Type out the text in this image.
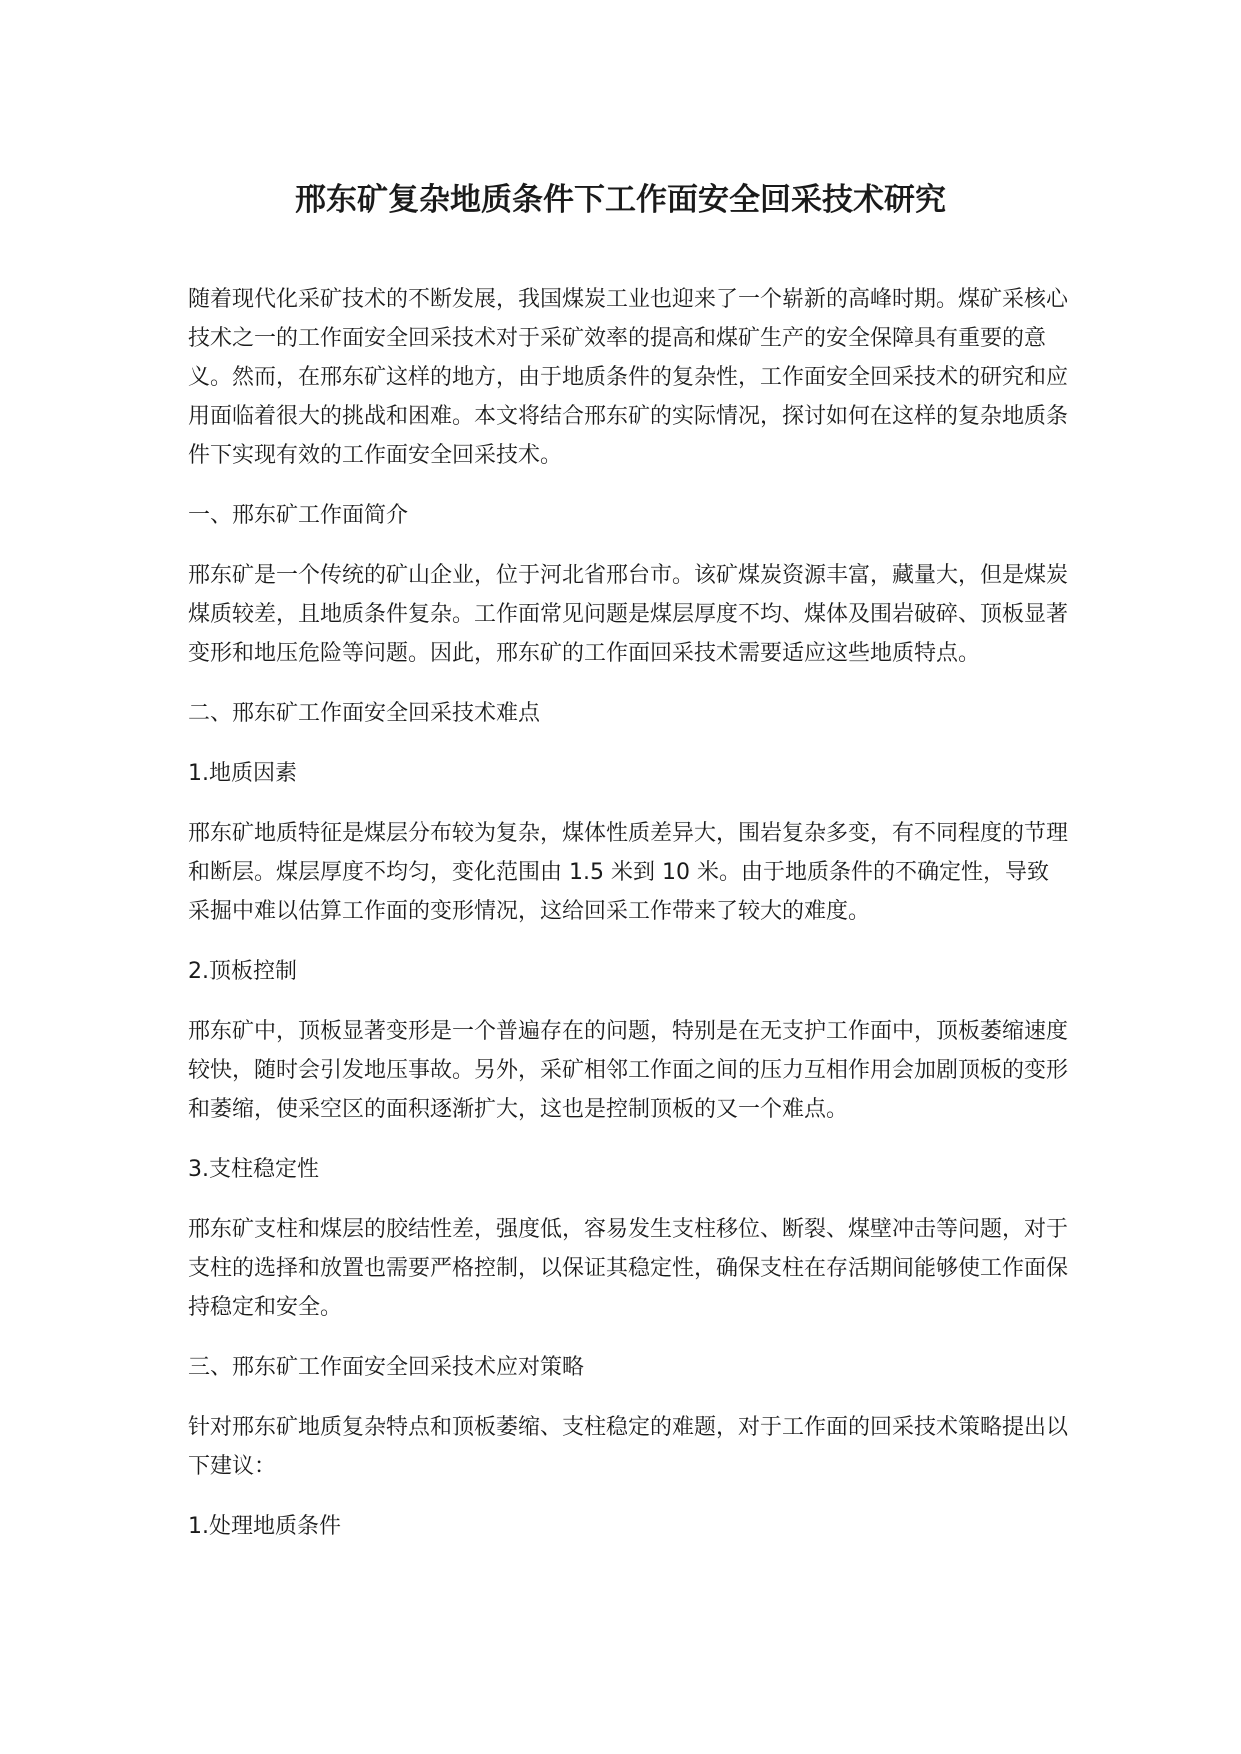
邢东矿复杂地质条件下工作面安全回采技术研究

随着现代化采矿技术的不断发展，我国煤炭工业也迎来了一个崭新的高峰时期。煤矿采核心技术之一的工作面安全回采技术对于采矿效率的提高和煤矿生产的安全保障具有重要的意义。然而，在邢东矿这样的地方，由于地质条件的复杂性，工作面安全回采技术的研究和应用面临着很大的挑战和困难。本文将结合邢东矿的实际情况，探讨如何在这样的复杂地质条件下实现有效的工作面安全回采技术。

一、邢东矿工作面简介

邢东矿是一个传统的矿山企业，位于河北省邢台市。该矿煤炭资源丰富，藏量大，但是煤炭煤质较差，且地质条件复杂。工作面常见问题是煤层厚度不均、煤体及围岩破碎、顶板显著变形和地压危险等问题。因此，邢东矿的工作面回采技术需要适应这些地质特点。

二、邢东矿工作面安全回采技术难点

1.地质因素

邢东矿地质特征是煤层分布较为复杂，煤体性质差异大，围岩复杂多变，有不同程度的节理和断层。煤层厚度不均匀，变化范围由 1.5 米到 10 米。由于地质条件的不确定性，导致采掘中难以估算工作面的变形情况，这给回采工作带来了较大的难度。

2.顶板控制

邢东矿中，顶板显著变形是一个普遍存在的问题，特别是在无支护工作面中，顶板萎缩速度较快，随时会引发地压事故。另外，采矿相邻工作面之间的压力互相作用会加剧顶板的变形和萎缩，使采空区的面积逐渐扩大，这也是控制顶板的又一个难点。

3.支柱稳定性

邢东矿支柱和煤层的胶结性差，强度低，容易发生支柱移位、断裂、煤壁冲击等问题，对于支柱的选择和放置也需要严格控制，以保证其稳定性，确保支柱在存活期间能够使工作面保持稳定和安全。

三、邢东矿工作面安全回采技术应对策略

针对邢东矿地质复杂特点和顶板萎缩、支柱稳定的难题，对于工作面的回采技术策略提出以下建议：

1.处理地质条件
